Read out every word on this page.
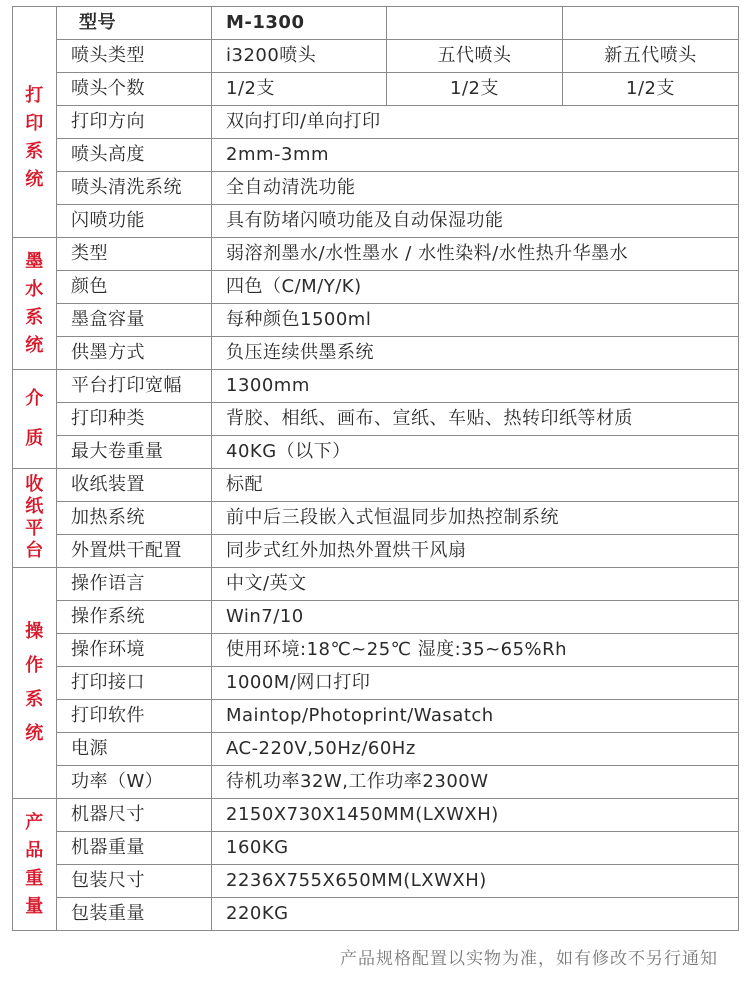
	型号	M-1300		

打
印
系
统	喷头类型	i3200喷头	五代喷头	新五代喷头
	喷头个数	1/2支	1/2支	1/2支
	打印方向	双向打印/单向打印		
	喷头高度	2mm-3mm		
	喷头清洗系统	全自动清洗功能		
	闪喷功能	具有防堵闪喷功能及自动保湿功能		

墨
水
系
统	类型	弱溶剂墨水/水性墨水 / 水性染料/水性热升华墨水		
	颜色	四色（C/M/Y/K)		
	墨盒容量	每种颜色1500ml		
	供墨方式	负压连续供墨系统		

介
质	平台打印宽幅	1300mm		
	打印种类	背胶、相纸、画布、宣纸、车贴、热转印纸等材质		
	最大卷重量	40KG（以下）		

收
纸
平
台	收纸装置	标配		
	加热系统	前中后三段嵌入式恒温同步加热控制系统		
	外置烘干配置	同步式红外加热外置烘干风扇		

操
作
系
统	操作语言	中文/英文		
	操作系统	Win7/10		
	操作环境	使用环境:18℃~25℃ 湿度:35~65%Rh		
	打印接口	1000M/网口打印		
	打印软件	Maintop/Photoprint/Wasatch		
	电源	AC-220V,50Hz/60Hz		
	功率（W）	待机功率32W,工作功率2300W		

产
品
重
量	机器尺寸	2150X730X1450MM(LXWXH)		
	机器重量	160KG		
	包装尺寸	2236X755X650MM(LXWXH)		
	包装重量	220KG		
产品规格配置以实物为准，如有修改不另行通知
